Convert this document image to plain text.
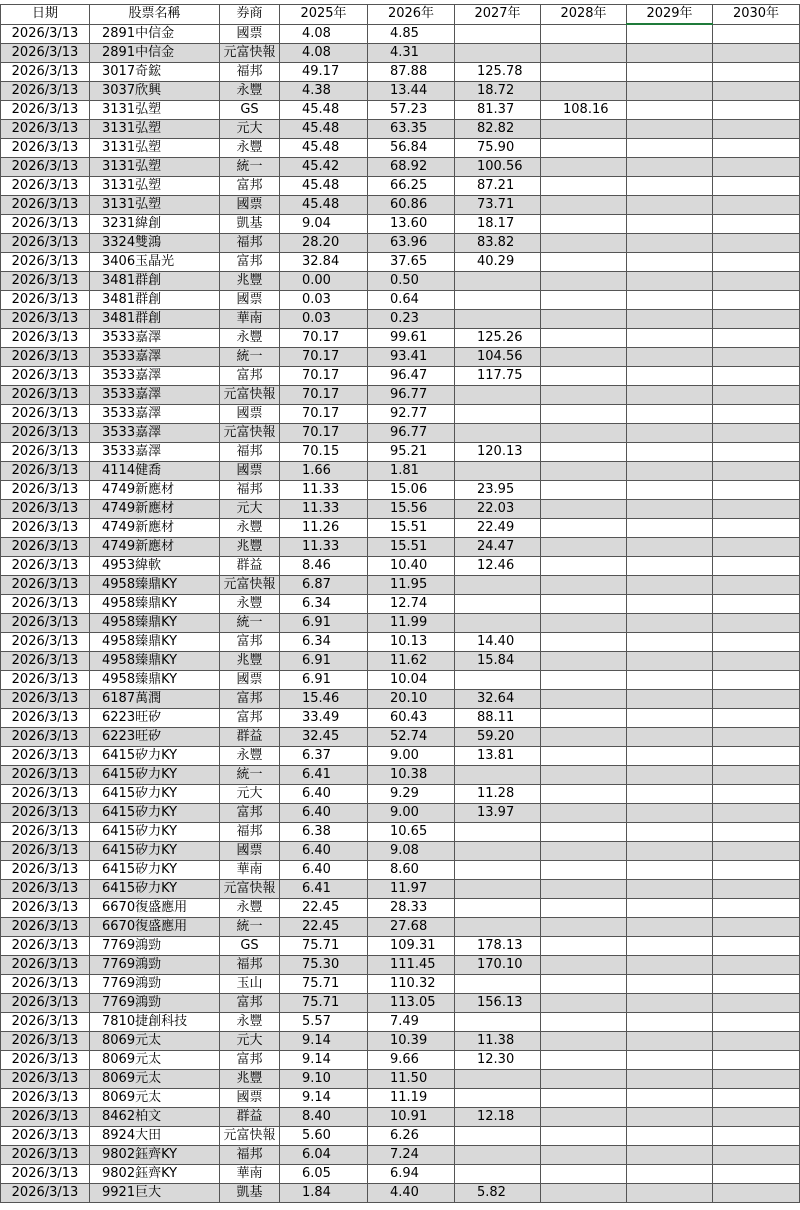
日期	股票名稱	券商	2025年	2026年	2027年	2028年	2029年	2030年
2026/3/13	2891中信金	國票	4.08	4.85				
2026/3/13	2891中信金	元富快報	4.08	4.31				
2026/3/13	3017奇鋐	福邦	49.17	87.88	125.78			
2026/3/13	3037欣興	永豐	4.38	13.44	18.72			
2026/3/13	3131弘塑	GS	45.48	57.23	81.37	108.16		
2026/3/13	3131弘塑	元大	45.48	63.35	82.82			
2026/3/13	3131弘塑	永豐	45.48	56.84	75.90			
2026/3/13	3131弘塑	統一	45.42	68.92	100.56			
2026/3/13	3131弘塑	富邦	45.48	66.25	87.21			
2026/3/13	3131弘塑	國票	45.48	60.86	73.71			
2026/3/13	3231緯創	凱基	9.04	13.60	18.17			
2026/3/13	3324雙鴻	福邦	28.20	63.96	83.82			
2026/3/13	3406玉晶光	富邦	32.84	37.65	40.29			
2026/3/13	3481群創	兆豐	0.00	0.50				
2026/3/13	3481群創	國票	0.03	0.64				
2026/3/13	3481群創	華南	0.03	0.23				
2026/3/13	3533嘉澤	永豐	70.17	99.61	125.26			
2026/3/13	3533嘉澤	統一	70.17	93.41	104.56			
2026/3/13	3533嘉澤	富邦	70.17	96.47	117.75			
2026/3/13	3533嘉澤	元富快報	70.17	96.77				
2026/3/13	3533嘉澤	國票	70.17	92.77				
2026/3/13	3533嘉澤	元富快報	70.17	96.77				
2026/3/13	3533嘉澤	福邦	70.15	95.21	120.13			
2026/3/13	4114健喬	國票	1.66	1.81				
2026/3/13	4749新應材	福邦	11.33	15.06	23.95			
2026/3/13	4749新應材	元大	11.33	15.56	22.03			
2026/3/13	4749新應材	永豐	11.26	15.51	22.49			
2026/3/13	4749新應材	兆豐	11.33	15.51	24.47			
2026/3/13	4953緯軟	群益	8.46	10.40	12.46			
2026/3/13	4958臻鼎KY	元富快報	6.87	11.95				
2026/3/13	4958臻鼎KY	永豐	6.34	12.74				
2026/3/13	4958臻鼎KY	統一	6.91	11.99				
2026/3/13	4958臻鼎KY	富邦	6.34	10.13	14.40			
2026/3/13	4958臻鼎KY	兆豐	6.91	11.62	15.84			
2026/3/13	4958臻鼎KY	國票	6.91	10.04				
2026/3/13	6187萬潤	富邦	15.46	20.10	32.64			
2026/3/13	6223旺矽	富邦	33.49	60.43	88.11			
2026/3/13	6223旺矽	群益	32.45	52.74	59.20			
2026/3/13	6415矽力KY	永豐	6.37	9.00	13.81			
2026/3/13	6415矽力KY	統一	6.41	10.38				
2026/3/13	6415矽力KY	元大	6.40	9.29	11.28			
2026/3/13	6415矽力KY	富邦	6.40	9.00	13.97			
2026/3/13	6415矽力KY	福邦	6.38	10.65				
2026/3/13	6415矽力KY	國票	6.40	9.08				
2026/3/13	6415矽力KY	華南	6.40	8.60				
2026/3/13	6415矽力KY	元富快報	6.41	11.97				
2026/3/13	6670復盛應用	永豐	22.45	28.33				
2026/3/13	6670復盛應用	統一	22.45	27.68				
2026/3/13	7769鴻勁	GS	75.71	109.31	178.13			
2026/3/13	7769鴻勁	福邦	75.30	111.45	170.10			
2026/3/13	7769鴻勁	玉山	75.71	110.32				
2026/3/13	7769鴻勁	富邦	75.71	113.05	156.13			
2026/3/13	7810捷創科技	永豐	5.57	7.49				
2026/3/13	8069元太	元大	9.14	10.39	11.38			
2026/3/13	8069元太	富邦	9.14	9.66	12.30			
2026/3/13	8069元太	兆豐	9.10	11.50				
2026/3/13	8069元太	國票	9.14	11.19				
2026/3/13	8462柏文	群益	8.40	10.91	12.18			
2026/3/13	8924大田	元富快報	5.60	6.26				
2026/3/13	9802鈺齊KY	福邦	6.04	7.24				
2026/3/13	9802鈺齊KY	華南	6.05	6.94				
2026/3/13	9921巨大	凱基	1.84	4.40	5.82			
